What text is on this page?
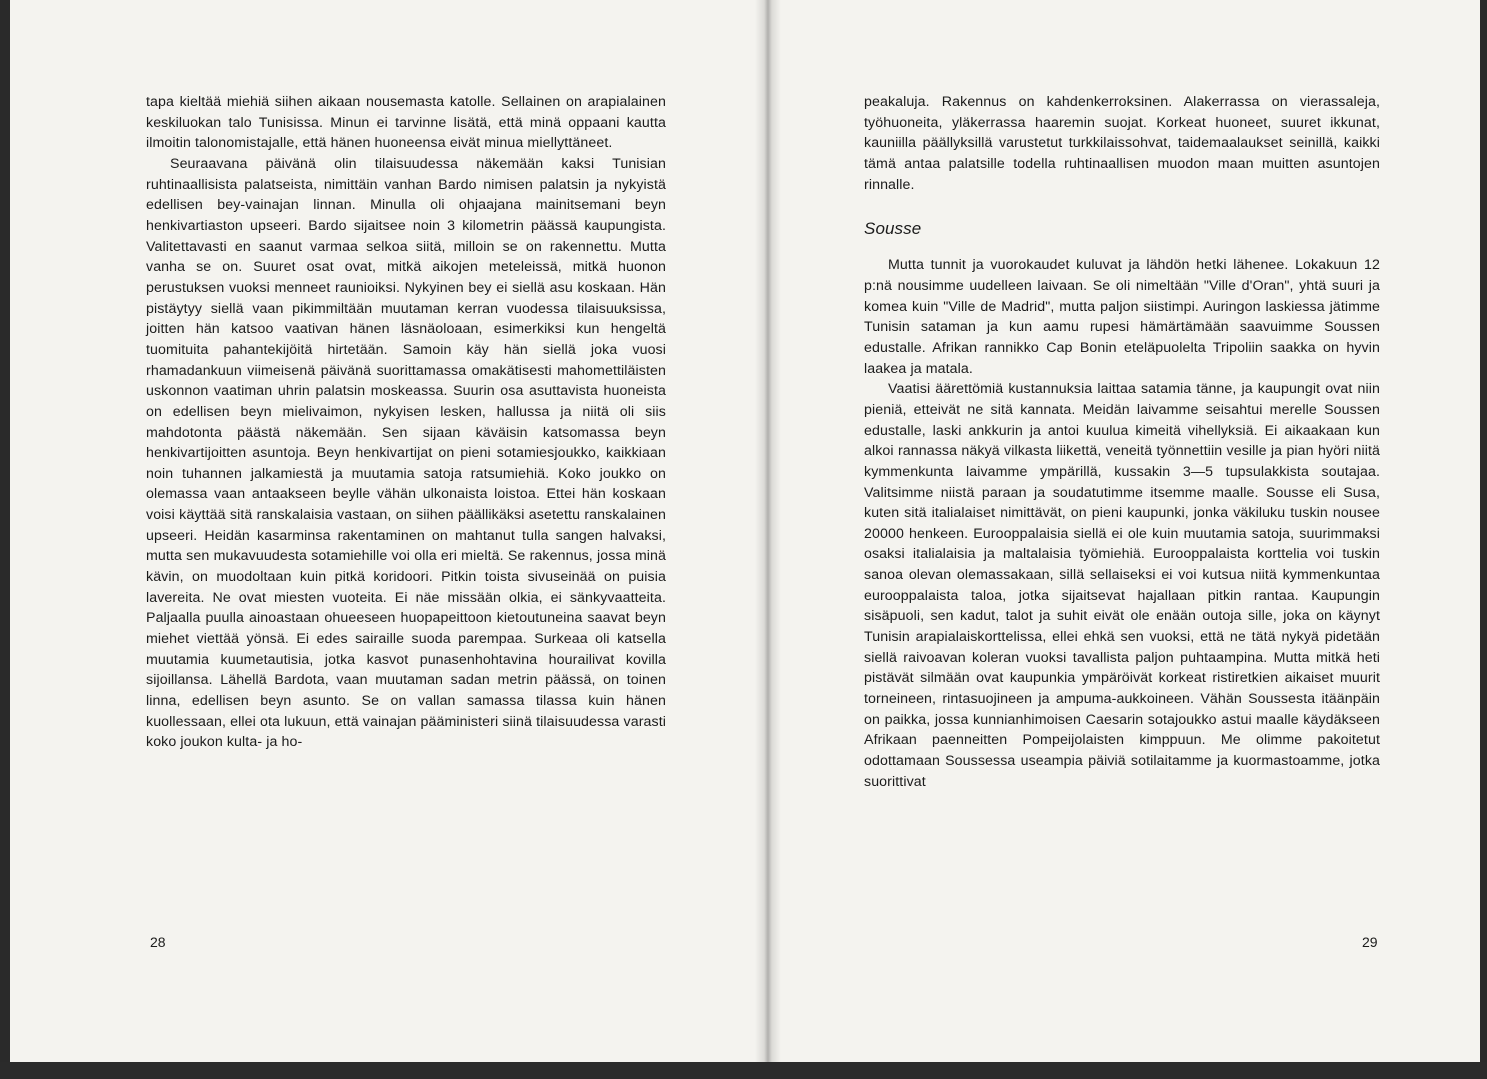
tapa kieltää miehiä siihen aikaan nousemasta katolle. Sellainen on arapialainen keskiluokan talo Tunisissa. Minun ei tarvinne lisätä, että minä oppaani kautta ilmoitin talonomistajalle, että hänen huoneensa eivät minua miellyttäneet.

Seuraavana päivänä olin tilaisuudessa näkemään kaksi Tunisian ruhtinaallisista palatseista, nimittäin vanhan Bardo nimisen palatsin ja nykyistä edellisen bey-vainajan linnan. Minulla oli ohjaajana mainitsemani beyn henkivartiaston upseeri. Bardo sijaitsee noin 3 kilometrin päässä kaupungista. Valitettavasti en saanut varmaa selkoa siitä, milloin se on rakennettu. Mutta vanha se on. Suuret osat ovat, mitkä aikojen meteleissä, mitkä huonon perustuksen vuoksi menneet raunioiksi. Nykyinen bey ei siellä asu koskaan. Hän pistäytyy siellä vaan pikimmiltään muutaman kerran vuodessa tilaisuuksissa, joitten hän katsoo vaativan hänen läsnäoloaan, esimerkiksi kun hengeltä tuomituita pahantekijöitä hirtetään. Samoin käy hän siellä joka vuosi rhamadankuun viimeisenä päivänä suorittamassa omakätisesti mahomettiläisten uskonnon vaatiman uhrin palatsin moskeassa. Suurin osa asuttavista huoneista on edellisen beyn mielivaimon, nykyisen lesken, hallussa ja niitä oli siis mahdotonta päästä näkemään. Sen sijaan käväisin katsomassa beyn henkivartijoitten asuntoja. Beyn henkivartijat on pieni sotamiesjoukko, kaikkiaan noin tuhannen jalkamiestä ja muutamia satoja ratsumiehiä. Koko joukko on olemassa vaan antaakseen beylle vähän ulkonaista loistoa. Ettei hän koskaan voisi käyttää sitä ranskalaisia vastaan, on siihen päällikäksi asetettu ranskalainen upseeri. Heidän kasarminsa rakentaminen on mahtanut tulla sangen halvaksi, mutta sen mukavuudesta sotamiehille voi olla eri mieltä. Se rakennus, jossa minä kävin, on muodoltaan kuin pitkä koridoori. Pitkin toista sivuseinää on puisia lavereita. Ne ovat miesten vuoteita. Ei näe missään olkia, ei sänkyvaatteita. Paljaalla puulla ainoastaan ohueeseen huopapeittoon kietoutuneina saavat beyn miehet viettää yönsä. Ei edes sairaille suoda parempaa. Surkeaa oli katsella muutamia kuumetautisia, jotka kasvot punasenhohtavina hourailivat kovilla sijoillansa. Lähellä Bardota, vaan muutaman sadan metrin päässä, on toinen linna, edellisen beyn asunto. Se on vallan samassa tilassa kuin hänen kuollessaan, ellei ota lukuun, että vainajan pääministeri siinä tilaisuudessa varasti koko joukon kulta- ja ho-

28

peakaluja. Rakennus on kahdenkerroksinen. Alakerrassa on vierassaleja, työhuoneita, yläkerrassa haaremin suojat. Korkeat huoneet, suuret ikkunat, kauniilla päällyksillä varustetut turkkilaissohvat, taidemaalaukset seinillä, kaikki tämä antaa palatsille todella ruhtinaallisen muodon maan muitten asuntojen rinnalle.

Sousse

Mutta tunnit ja vuorokaudet kuluvat ja lähdön hetki lähenee. Lokakuun 12 p:nä nousimme uudelleen laivaan. Se oli nimeltään "Ville d'Oran", yhtä suuri ja komea kuin "Ville de Madrid", mutta paljon siistimpi. Auringon laskiessa jätimme Tunisin sataman ja kun aamu rupesi hämärtämään saavuimme Soussen edustalle. Afrikan rannikko Cap Bonin eteläpuolelta Tripoliin saakka on hyvin laakea ja matala.

Vaatisi äärettömiä kustannuksia laittaa satamia tänne, ja kaupungit ovat niin pieniä, etteivät ne sitä kannata. Meidän laivamme seisahtui merelle Soussen edustalle, laski ankkurin ja antoi kuulua kimeitä vihellyksiä. Ei aikaakaan kun alkoi rannassa näkyä vilkasta liikettä, veneitä työnnettiin vesille ja pian hyöri niitä kymmenkunta laivamme ympärillä, kussakin 3—5 tupsulakkista soutajaa. Valitsimme niistä paraan ja soudatutimme itsemme maalle. Sousse eli Susa, kuten sitä italialaiset nimittävät, on pieni kaupunki, jonka väkiluku tuskin nousee 20000 henkeen. Eurooppalaisia siellä ei ole kuin muutamia satoja, suurimmaksi osaksi italialaisia ja maltalaisia työmiehiä. Eurooppalaista korttelia voi tuskin sanoa olevan olemassakaan, sillä sellaiseksi ei voi kutsua niitä kymmenkuntaa eurooppalaista taloa, jotka sijaitsevat hajallaan pitkin rantaa. Kaupungin sisäpuoli, sen kadut, talot ja suhit eivät ole enään outoja sille, joka on käynyt Tunisin arapialaiskorttelissa, ellei ehkä sen vuoksi, että ne tätä nykyä pidetään siellä raivoavan koleran vuoksi tavallista paljon puhtaampina. Mutta mitkä heti pistävät silmään ovat kaupunkia ympäröivät korkeat ristiretkien aikaiset muurit torneineen, rintasuojineen ja ampuma-aukkoineen. Vähän Soussesta itäänpäin on paikka, jossa kunnianhimoisen Caesarin sotajoukko astui maalle käydäkseen Afrikaan paenneitten Pompeijolaisten kimppuun. Me olimme pakoitetut odottamaan Soussessa useampia päiviä sotilaitamme ja kuormastoamme, jotka suorittivat

29
